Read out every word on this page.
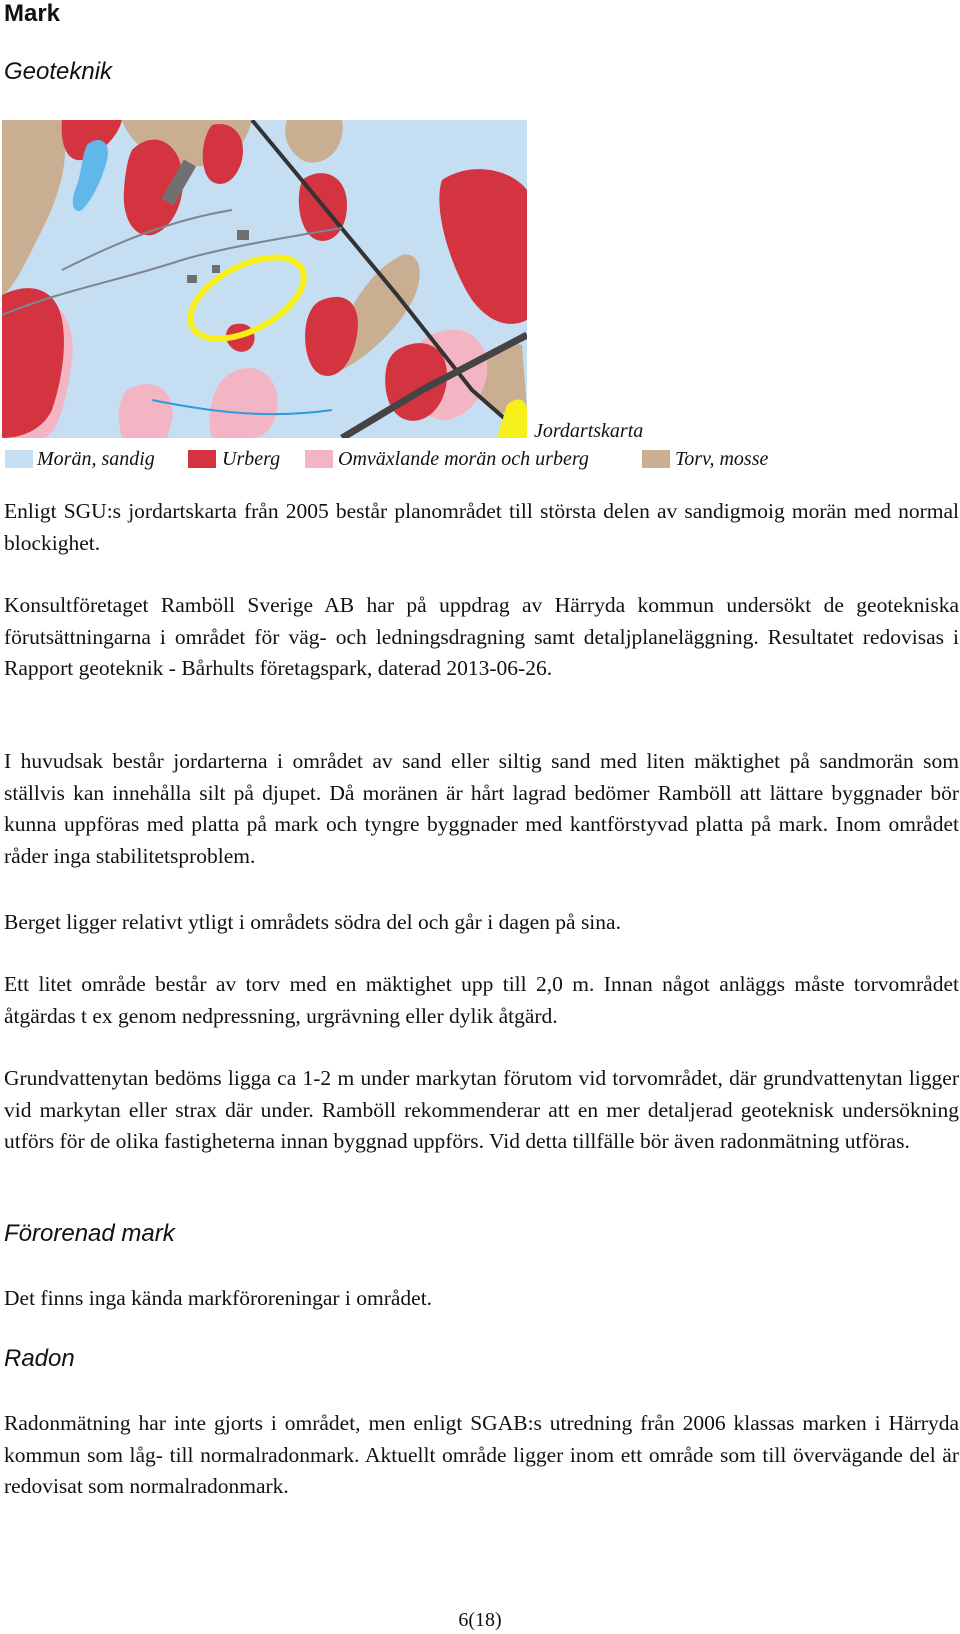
Mark
Geoteknik
Jordartskarta
Morän, sandig	Urberg	Omväxlande morän och urberg	Torv, mosse

Enligt SGU:s jordartskarta från 2005 består planområdet till största delen av sandigmoig morän med normal blockighet.

Konsultföretaget Ramböll Sverige AB har på uppdrag av Härryda kommun undersökt de geotekniska förutsättningarna i området för väg- och ledningsdragning samt detaljplaneläggning. Resultatet redovisas i Rapport geoteknik - Bårhults företagspark, daterad 2013-06-26.

I huvudsak består jordarterna i området av sand eller siltig sand med liten mäktighet på sandmorän som ställvis kan innehålla silt på djupet. Då moränen är hårt lagrad bedömer Ramböll att lättare byggnader bör kunna uppföras med platta på mark och tyngre byggnader med kantförstyvad platta på mark. Inom området råder inga stabilitetsproblem.

Berget ligger relativt ytligt i områdets södra del och går i dagen på sina.

Ett litet område består av torv med en mäktighet upp till 2,0 m. Innan något anläggs måste torvområdet åtgärdas t ex genom nedpressning, urgrävning eller dylik åtgärd.

Grundvattenytan bedöms ligga ca 1-2 m under markytan förutom vid torvområdet, där grundvattenytan ligger vid markytan eller strax där under. Ramböll rekommenderar att en mer detaljerad geoteknisk undersökning utförs för de olika fastigheterna innan byggnad uppförs. Vid detta tillfälle bör även radonmätning utföras.

Förorenad mark

Det finns inga kända markföroreningar i området.

Radon

Radonmätning har inte gjorts i området, men enligt SGAB:s utredning från 2006 klassas marken i Härryda kommun som låg- till normalradonmark. Aktuellt område ligger inom ett område som till övervägande del är redovisat som normalradonmark.

6(18)
